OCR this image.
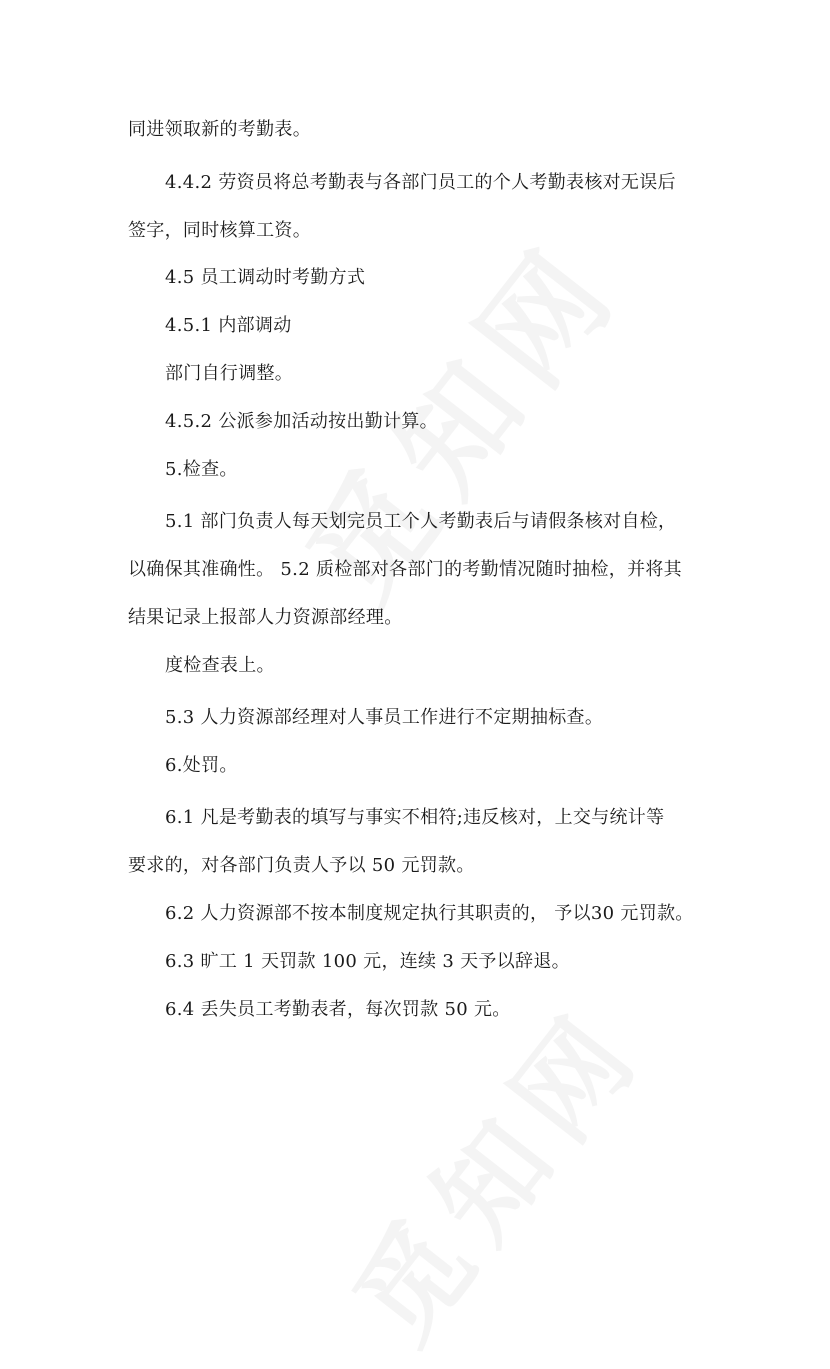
同进领取新的考勤表。
4.4.2 劳资员将总考勤表与各部门员工的个人考勤表核对无误后
签字，同时核算工资。
4.5 员工调动时考勤方式
4.5.1 内部调动
部门自行调整。
4.5.2 公派参加活动按出勤计算。
5.检查。
5.1 部门负责人每天划完员工个人考勤表后与请假条核对自检，
以确保其准确性。 5.2 质检部对各部门的考勤情况随时抽检，并将其
结果记录上报部人力资源部经理。
度检查表上。
5.3 人力资源部经理对人事员工作进行不定期抽标查。
6.处罚。
6.1 凡是考勤表的填写与事实不相符;违反核对，上交与统计等
要求的，对各部门负责人予以 50 元罚款。
6.2 人力资源部不按本制度规定执行其职责的， 予以30 元罚款。
6.3 旷工 1 天罚款 100 元，连续 3 天予以辞退。
6.4 丢失员工考勤表者，每次罚款 50 元。
